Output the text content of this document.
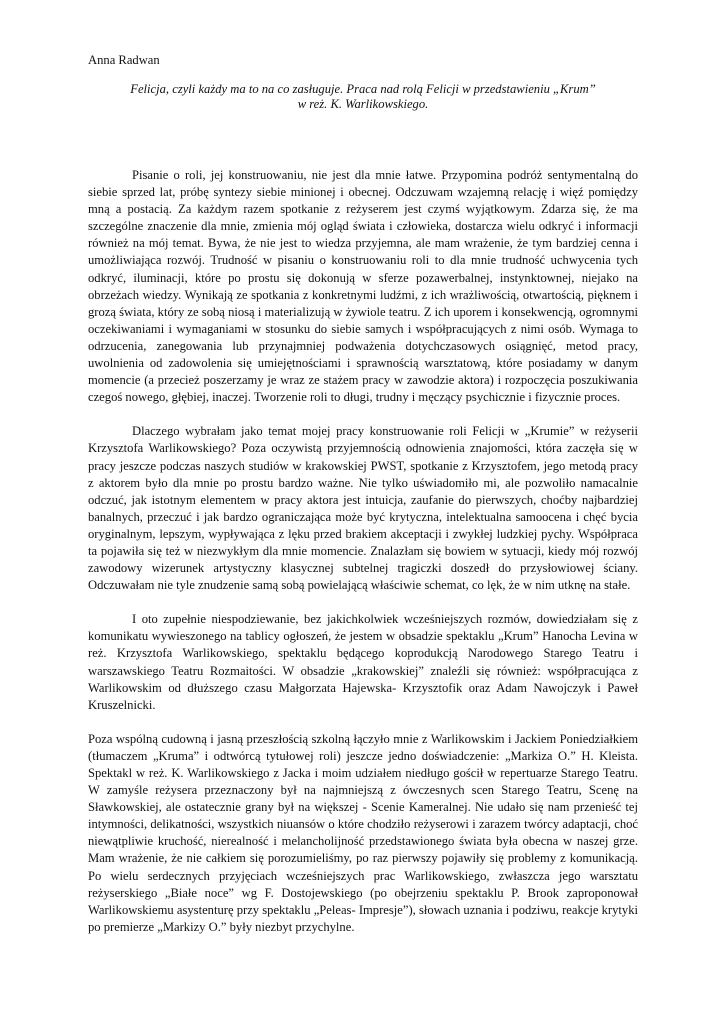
Anna Radwan

Felicja, czyli każdy ma to na co zasługuje. Praca nad rolą Felicji w przedstawieniu „Krum”
w reż. K. Warlikowskiego.

Pisanie o roli, jej konstruowaniu, nie jest dla mnie łatwe. Przypomina podróż sentymentalną do siebie sprzed lat, próbę syntezy siebie minionej i obecnej. Odczuwam wzajemną relację i więź pomiędzy mną a postacią. Za każdym razem spotkanie z reżyserem jest czymś wyjątkowym. Zdarza się, że ma szczególne znaczenie dla mnie, zmienia mój ogląd świata i człowieka, dostarcza wielu odkryć i informacji również na mój temat. Bywa, że nie jest to wiedza przyjemna, ale mam wrażenie, że tym bardziej cenna i umożliwiająca rozwój. Trudność w pisaniu o konstruowaniu roli to dla mnie trudność uchwycenia tych odkryć, iluminacji, które po prostu się dokonują w sferze pozawerbalnej, instynktownej, niejako na obrzeżach wiedzy. Wynikają ze spotkania z konkretnymi ludźmi, z ich wrażliwością, otwartością, pięknem i grozą świata, który ze sobą niosą i materializują w żywiole teatru. Z ich uporem i konsekwencją, ogromnymi oczekiwaniami i wymaganiami w stosunku do siebie samych i współpracujących z nimi osób. Wymaga to odrzucenia, zanegowania lub przynajmniej podważenia dotychczasowych osiągnięć, metod pracy, uwolnienia od zadowolenia się umiejętnościami i sprawnością warsztatową, które posiadamy w danym momencie (a przecież poszerzamy je wraz ze stażem pracy w zawodzie aktora) i rozpoczęcia poszukiwania czegoś nowego, głębiej, inaczej. Tworzenie roli to długi, trudny i męczący psychicznie i fizycznie proces.

Dlaczego wybrałam jako temat mojej pracy konstruowanie roli Felicji w „Krumie” w reżyserii Krzysztofa Warlikowskiego? Poza oczywistą przyjemnością odnowienia znajomości, która zaczęła się w pracy jeszcze podczas naszych studiów w krakowskiej PWST, spotkanie z Krzysztofem, jego metodą pracy z aktorem było dla mnie po prostu bardzo ważne. Nie tylko uświadomiło mi, ale pozwoliło namacalnie odczuć, jak istotnym elementem w pracy aktora jest intuicja, zaufanie do pierwszych, choćby najbardziej banalnych, przeczuć i jak bardzo ograniczająca może być krytyczna, intelektualna samoocena i chęć bycia oryginalnym, lepszym, wypływająca z lęku przed brakiem akceptacji i zwykłej ludzkiej pychy. Współpraca ta pojawiła się też w niezwykłym dla mnie momencie. Znalazłam się bowiem w sytuacji, kiedy mój rozwój zawodowy wizerunek artystyczny klasycznej subtelnej tragiczki doszedł do przysłowiowej ściany. Odczuwałam nie tyle znudzenie samą sobą powielającą właściwie schemat, co lęk, że w nim utknę na stałe.

I oto zupełnie niespodziewanie, bez jakichkolwiek wcześniejszych rozmów, dowiedziałam się z komunikatu wywieszonego na tablicy ogłoszeń, że jestem w obsadzie spektaklu „Krum” Hanocha Levina w reż. Krzysztofa Warlikowskiego, spektaklu będącego koprodukcją Narodowego Starego Teatru i warszawskiego Teatru Rozmaitości. W obsadzie „krakowskiej” znaleźli się również: współpracująca z Warlikowskim od dłuższego czasu Małgorzata Hajewska- Krzysztofik oraz Adam Nawojczyk i Paweł Kruszelnicki.

Poza wspólną cudowną i jasną przeszłością szkolną łączyło mnie z Warlikowskim i Jackiem Poniedziałkiem (tłumaczem „Kruma” i odtwórcą tytułowej roli) jeszcze jedno doświadczenie: „Markiza O.” H. Kleista. Spektakl w reż. K. Warlikowskiego z Jacka i moim udziałem niedługo gościł w repertuarze Starego Teatru. W zamyśle reżysera przeznaczony był na najmniejszą z ówczesnych scen Starego Teatru, Scenę na Sławkowskiej, ale ostatecznie grany był na większej - Scenie Kameralnej. Nie udało się nam przenieść tej intymności, delikatności, wszystkich niuansów o które chodziło reżyserowi i zarazem twórcy adaptacji, choć niewątpliwie kruchość, nierealność i melancholijność przedstawionego świata była obecna w naszej grze. Mam wrażenie, że nie całkiem się porozumieliśmy, po raz pierwszy pojawiły się problemy z komunikacją. Po wielu serdecznych przyjęciach wcześniejszych prac Warlikowskiego, zwłaszcza jego warsztatu reżyserskiego „Białe noce” wg F. Dostojewskiego (po obejrzeniu spektaklu P. Brook zaproponował Warlikowskiemu asystenturę przy spektaklu „Peleas- Impresje”), słowach uznania i podziwu, reakcje krytyki po premierze „Markizy O.” były niezbyt przychylne.
